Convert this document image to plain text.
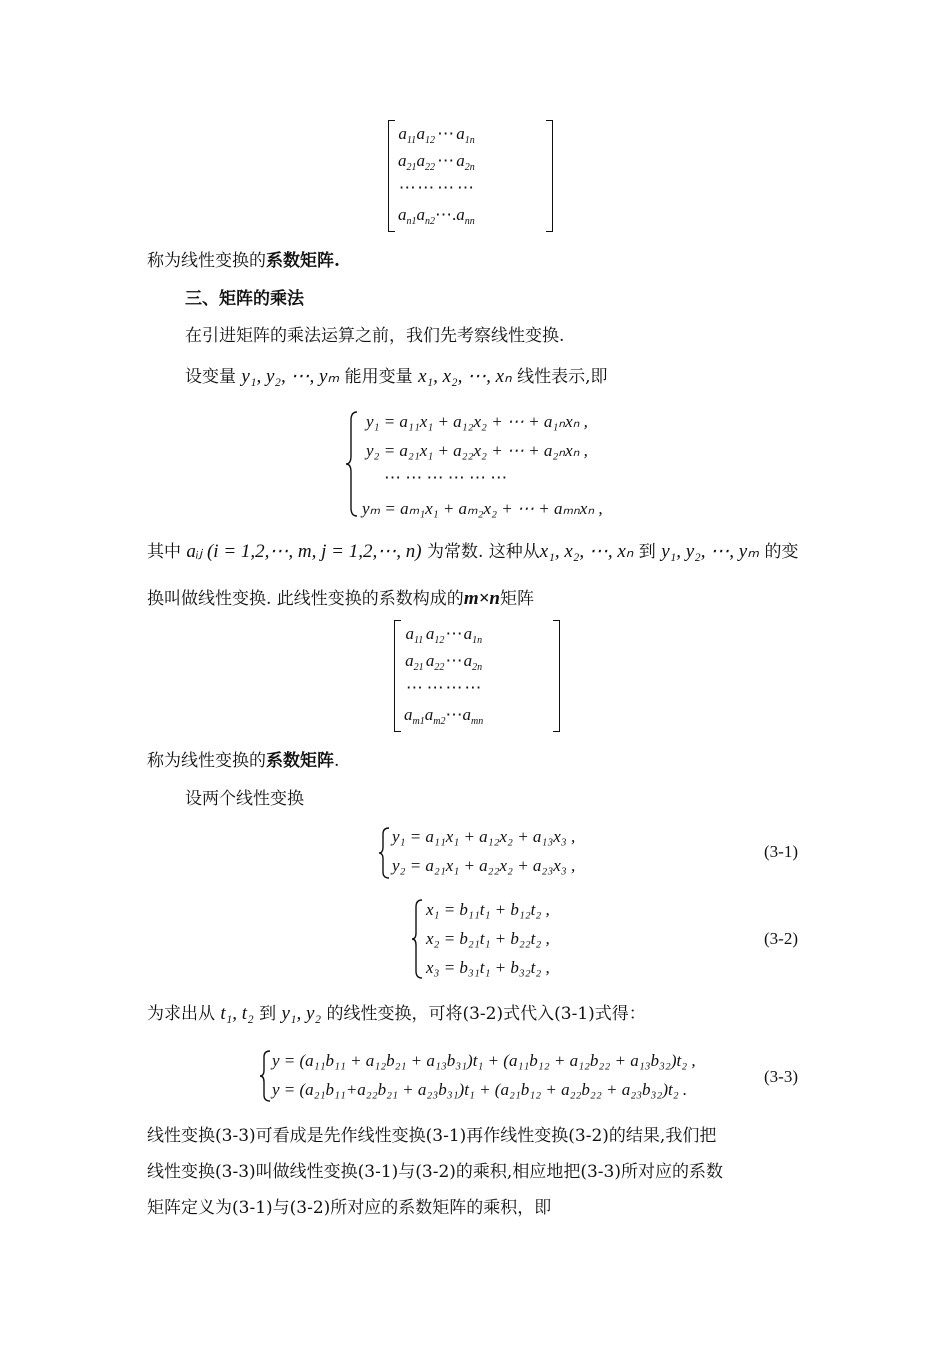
$a_{11}$	$a_{12}$	⋯	$a_{1n}$
$a_{21}$	$a_{22}$	⋯	$a_{2n}$
⋯	⋯	⋯	⋯
$a_{n1}$	$a_{n2}$	⋯.	$a_{nn}$
称为线性变换的系数矩阵.
三、矩阵的乘法
在引进矩阵的乘法运算之前，我们先考察线性变换.
设变量 y₁, y₂, ⋯, yₘ 能用变量 x₁, x₂, ⋯, xₙ 线性表示,即
y₁ = a₁₁x₁ + a₁₂x₂ + ⋯ + a₁ₙxₙ ,
y₂ = a₂₁x₁ + a₂₂x₂ + ⋯ + a₂ₙxₙ ,
⋯ ⋯ ⋯ ⋯ ⋯ ⋯
yₘ = aₘ₁x₁ + aₘ₂x₂ + ⋯ + aₘₙxₙ ,
其中 aᵢⱼ (i = 1,2,⋯, m, j = 1,2,⋯, n) 为常数. 这种从x₁, x₂, ⋯, xₙ 到 y₁, y₂, ⋯, yₘ 的变
换叫做线性变换. 此线性变换的系数构成的m×n矩阵
$a_{11}$	$a_{12}$	⋯	$a_{1n}$
$a_{21}$	$a_{22}$	⋯	$a_{2n}$
⋯	⋯	⋯	⋯
$a_{m1}$	$a_{m2}$	⋯	$a_{mn}$
称为线性变换的系数矩阵.
设两个线性变换
y₁ = a₁₁x₁ + a₁₂x₂ + a₁₃x₃ ,
y₂ = a₂₁x₁ + a₂₂x₂ + a₂₃x₃ ,
(3-1)
x₁ = b₁₁t₁ + b₁₂t₂ ,
x₂ = b₂₁t₁ + b₂₂t₂ ,
x₃ = b₃₁t₁ + b₃₂t₂ ,
(3-2)
为求出从 t₁, t₂ 到 y₁, y₂ 的线性变换，可将(3-2)式代入(3-1)式得：
y = (a₁₁b₁₁ + a₁₂b₂₁ + a₁₃b₃₁)t₁ + (a₁₁b₁₂ + a₁₂b₂₂ + a₁₃b₃₂)t₂ ,
y = (a₂₁b₁₁+a₂₂b₂₁ + a₂₃b₃₁)t₁ + (a₂₁b₁₂ + a₂₂b₂₂ + a₂₃b₃₂)t₂ .
(3-3)
线性变换(3-3)可看成是先作线性变换(3-1)再作线性变换(3-2)的结果,我们把
线性变换(3-3)叫做线性变换(3-1)与(3-2)的乘积,相应地把(3-3)所对应的系数
矩阵定义为(3-1)与(3-2)所对应的系数矩阵的乘积，即
